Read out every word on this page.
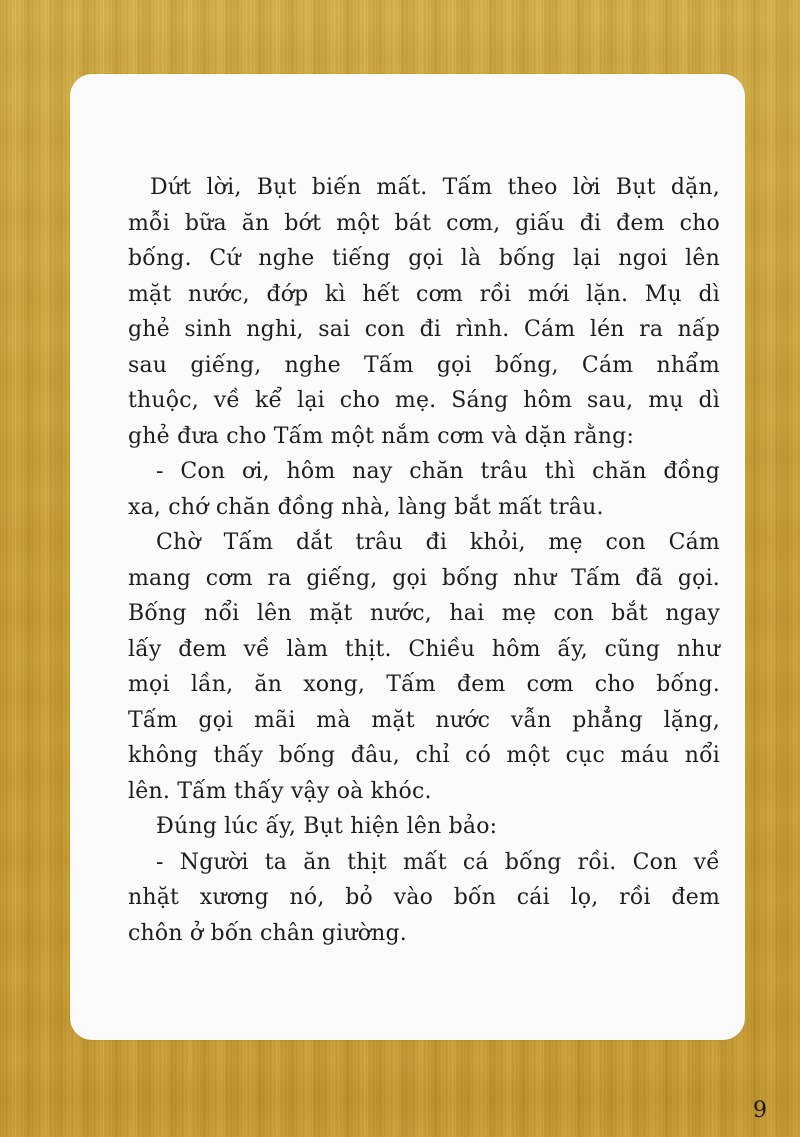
Dứt lời, Bụt biến mất. Tấm theo lời Bụt dặn,
mỗi bữa ăn bớt một bát cơm, giấu đi đem cho
bống. Cứ nghe tiếng gọi là bống lại ngoi lên
mặt nước, đớp kì hết cơm rồi mới lặn. Mụ dì
ghẻ sinh nghi, sai con đi rình. Cám lén ra nấp
sau giếng, nghe Tấm gọi bống, Cám nhẩm
thuộc, về kể lại cho mẹ. Sáng hôm sau, mụ dì
ghẻ đưa cho Tấm một nắm cơm và dặn rằng:
- Con ơi, hôm nay chăn trâu thì chăn đồng
xa, chớ chăn đồng nhà, làng bắt mất trâu.
Chờ Tấm dắt trâu đi khỏi, mẹ con Cám
mang cơm ra giếng, gọi bống như Tấm đã gọi.
Bống nổi lên mặt nước, hai mẹ con bắt ngay
lấy đem về làm thịt. Chiều hôm ấy, cũng như
mọi lần, ăn xong, Tấm đem cơm cho bống.
Tấm gọi mãi mà mặt nước vẫn phẳng lặng,
không thấy bống đâu, chỉ có một cục máu nổi
lên. Tấm thấy vậy oà khóc.
Đúng lúc ấy, Bụt hiện lên bảo:
- Người ta ăn thịt mất cá bống rồi. Con về
nhặt xương nó, bỏ vào bốn cái lọ, rồi đem
chôn ở bốn chân giường.
9
